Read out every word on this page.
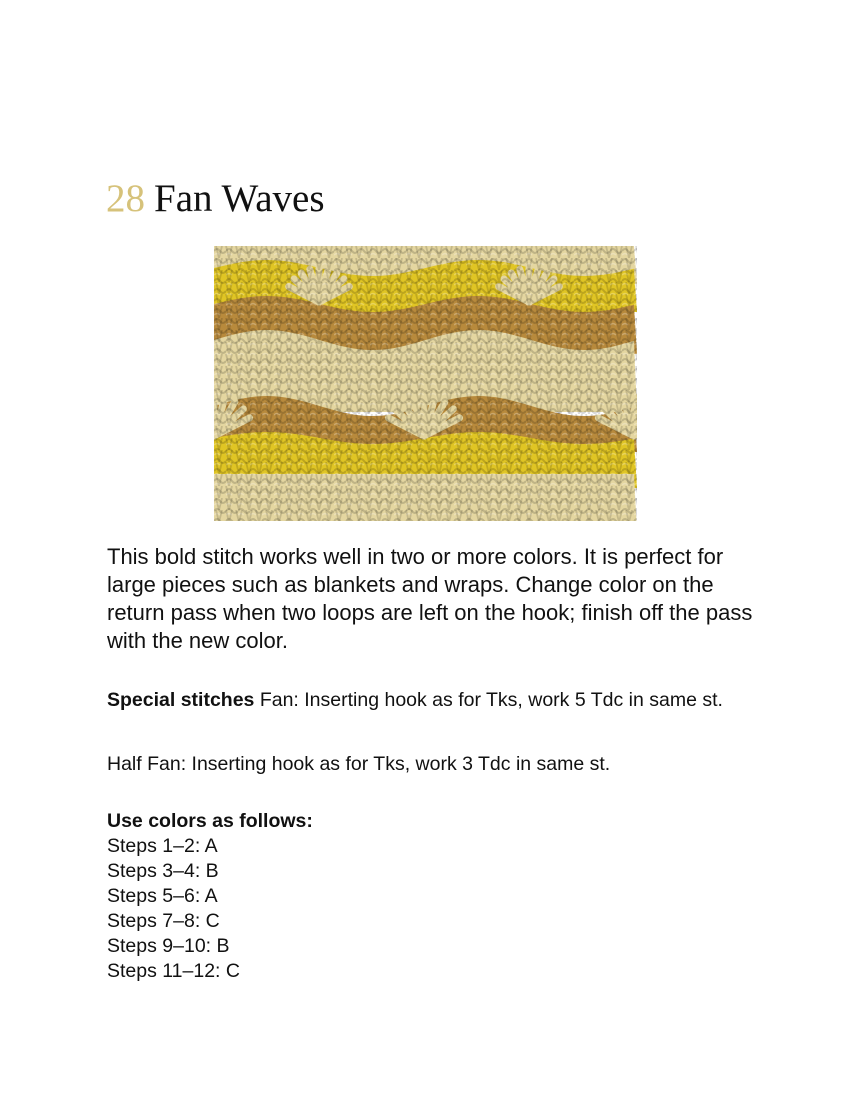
28 Fan Waves

This bold stitch works well in two or more colors. It is perfect for large pieces such as blankets and wraps. Change color on the return pass when two loops are left on the hook; finish off the pass with the new color.

Special stitches Fan: Inserting hook as for Tks, work 5 Tdc in same st.

Half Fan: Inserting hook as for Tks, work 3 Tdc in same st.

Use colors as follows:
Steps 1–2: A
Steps 3–4: B
Steps 5–6: A
Steps 7–8: C
Steps 9–10: B
Steps 11–12: C
